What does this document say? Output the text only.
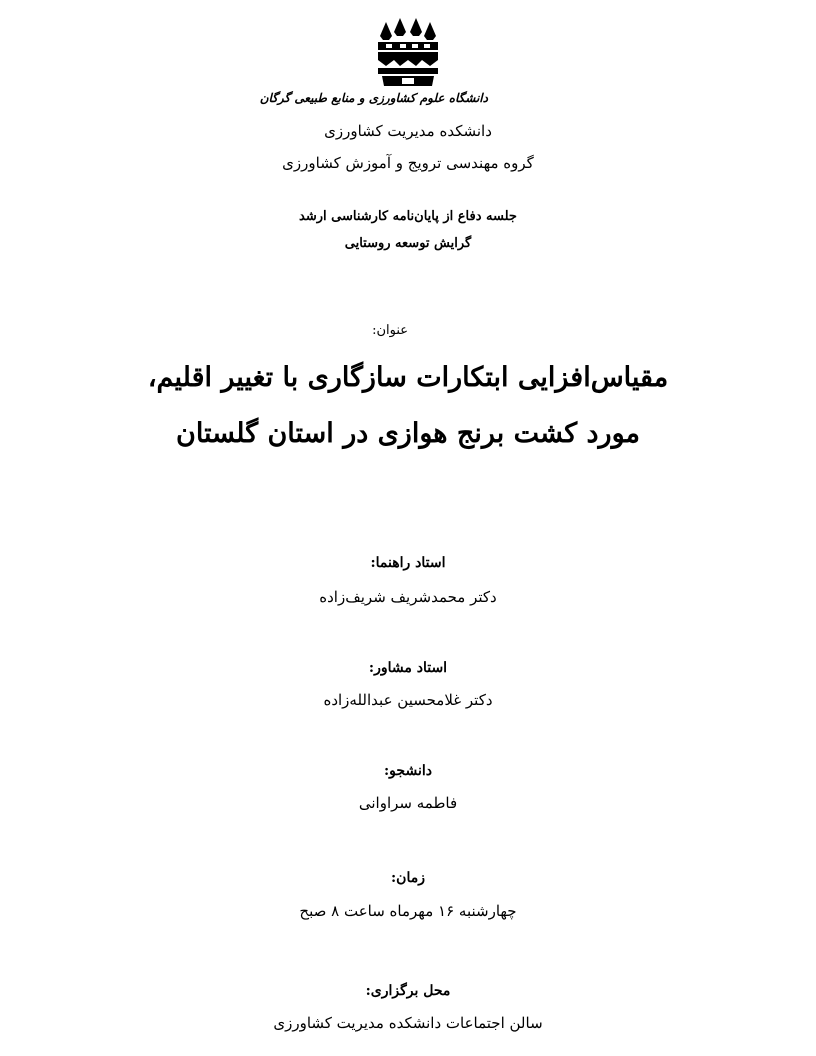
دانشگاه علوم کشاورزی و منابع طبیعی گرگان
دانشکده مدیریت کشاورزی
گروه مهندسی ترویج و آموزش کشاورزی
جلسه دفاع از پایان‌نامه کارشناسی ارشد
گرایش توسعه روستایی
عنوان:
مقیاس‌افزایی ابتکارات سازگاری با تغییر اقلیم،
مورد کشت برنج هوازی در استان گلستان
استاد راهنما:
دکتر محمدشریف شریف‌زاده
استاد مشاور:
دکتر غلامحسین عبدالله‌زاده
دانشجو:
فاطمه سراوانی
زمان:
چهارشنبه ۱۶ مهرماه ساعت ۸ صبح
محل برگزاری:
سالن اجتماعات دانشکده مدیریت کشاورزی
